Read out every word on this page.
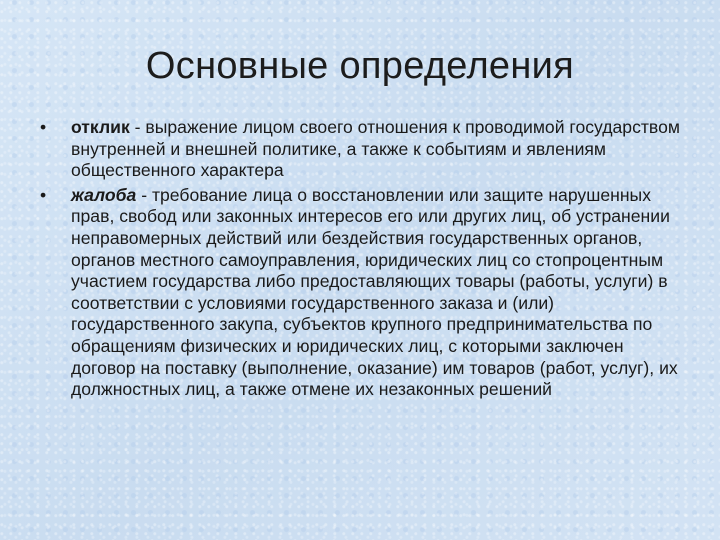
Основные определения
• отклик - выражение лицом своего отношения к проводимой государством внутренней и внешней политике, а также к событиям и явлениям общественного характера
• жалоба - требование лица о восстановлении или защите нарушенных прав, свобод или законных интересов его или других лиц, об устранении неправомерных действий или бездействия государственных органов, органов местного самоуправления, юридических лиц со стопроцентным участием государства либо предоставляющих товары (работы, услуги) в соответствии с условиями государственного заказа и (или) государственного закупа, субъектов крупного предпринимательства по обращениям физических и юридических лиц, с которыми заключен договор на поставку (выполнение, оказание) им товаров (работ, услуг), их должностных лиц, а также отмене их незаконных решений
